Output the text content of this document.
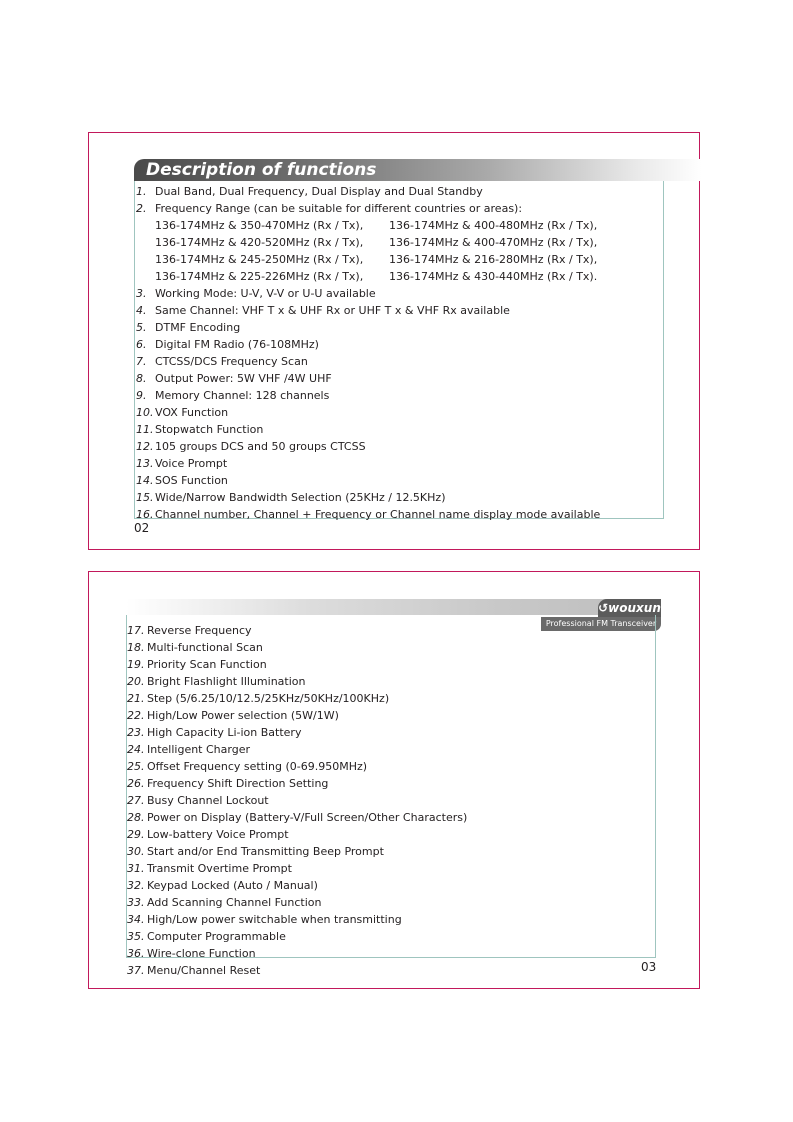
Description of functions
1. Dual Band, Dual Frequency, Dual Display and Dual Standby
2. Frequency Range (can be suitable for different countries or areas):
136-174MHz & 350-470MHz (Rx / Tx), 136-174MHz & 400-480MHz (Rx / Tx),
136-174MHz & 420-520MHz (Rx / Tx), 136-174MHz & 400-470MHz (Rx / Tx),
136-174MHz & 245-250MHz (Rx / Tx), 136-174MHz & 216-280MHz (Rx / Tx),
136-174MHz & 225-226MHz (Rx / Tx), 136-174MHz & 430-440MHz (Rx / Tx).
3. Working Mode: U-V, V-V or U-U available
4. Same Channel: VHF T x & UHF Rx or UHF T x & VHF Rx available
5. DTMF Encoding
6. Digital FM Radio (76-108MHz)
7. CTCSS/DCS Frequency Scan
8. Output Power: 5W VHF /4W UHF
9. Memory Channel: 128 channels
10. VOX Function
11. Stopwatch Function
12. 105 groups DCS and 50 groups CTCSS
13. Voice Prompt
14. SOS Function
15. Wide/Narrow Bandwidth Selection (25KHz / 12.5KHz)
16. Channel number, Channel + Frequency or Channel name display mode available
02
↺wouxun
Professional FM Transceiver
17. Reverse Frequency
18. Multi-functional Scan
19. Priority Scan Function
20. Bright Flashlight Illumination
21. Step (5/6.25/10/12.5/25KHz/50KHz/100KHz)
22. High/Low Power selection (5W/1W)
23. High Capacity Li-ion Battery
24. Intelligent Charger
25. Offset Frequency setting (0-69.950MHz)
26. Frequency Shift Direction Setting
27. Busy Channel Lockout
28. Power on Display (Battery-V/Full Screen/Other Characters)
29. Low-battery Voice Prompt
30. Start and/or End Transmitting Beep Prompt
31. Transmit Overtime Prompt
32. Keypad Locked (Auto / Manual)
33. Add Scanning Channel Function
34. High/Low power switchable when transmitting
35. Computer Programmable
36. Wire-clone Function
37. Menu/Channel Reset	03
